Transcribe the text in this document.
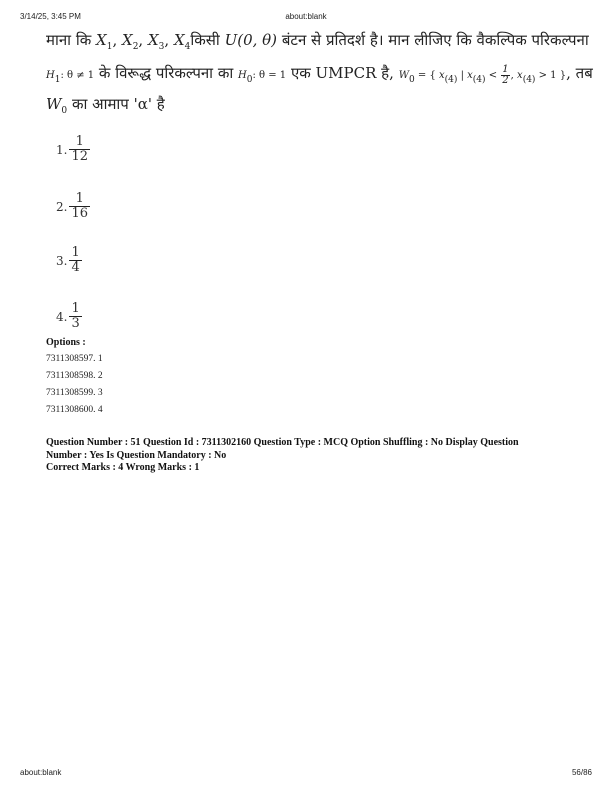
3/14/25, 3:45 PM	about:blank
माना कि $X_1$, $X_2$, $X_3$, $X_4किसी$ U(0, θ) बंटन से प्रतिदर्श है। मान लीजिए कि वैकल्पिक परिकल्पना
H1: θ ≠ 1 के विरूद्ध परिकल्पना का H0: θ = 1 एक UMPCR है, W0 = { x(4) | $x(4) < \frac{1}{2}$ , x(4) > 1 }, तब
$W_0$ का आमाप 'α' है
1. $\frac{1}{12}$
2. $\frac{1}{16}$
3. $\frac{1}{4}$
4. $\frac{1}{3}$
Options :
7311308597. 1
7311308598. 2
7311308599. 3
7311308600. 4
Question Number : 51 Question Id : 7311302160 Question Type : MCQ Option Shuffling : No Display Question
Number : Yes Is Question Mandatory : No
Correct Marks : 4 Wrong Marks : 1
about:blank	56/86
